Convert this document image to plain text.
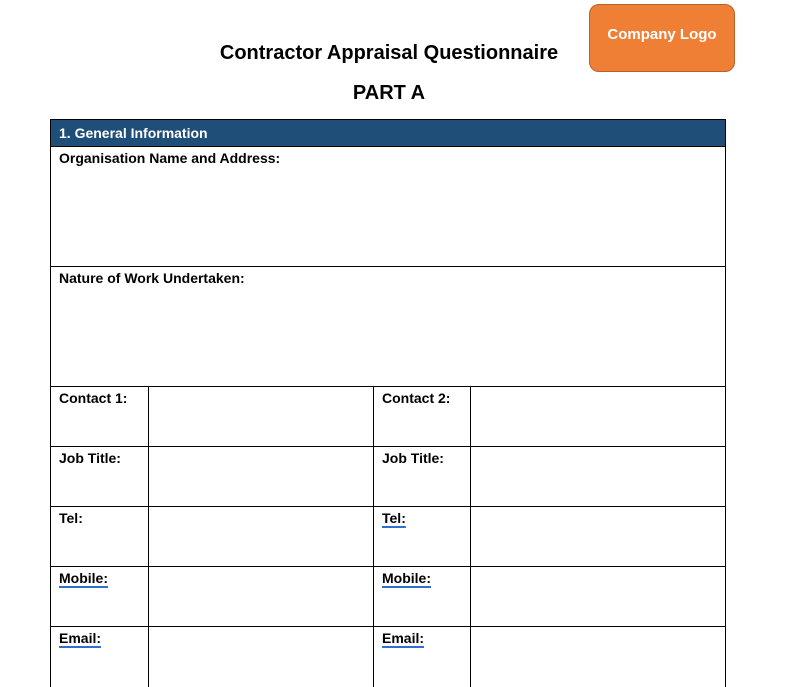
Company Logo
Contractor Appraisal Questionnaire
PART A
1. General Information			

Organisation Name and Address:			
Nature of Work Undertaken:			
Contact 1:		Contact 2:	
Job Title:		Job Title:	
Tel:		Tel:	
Mobile:		Mobile:	
Email:		Email:	
